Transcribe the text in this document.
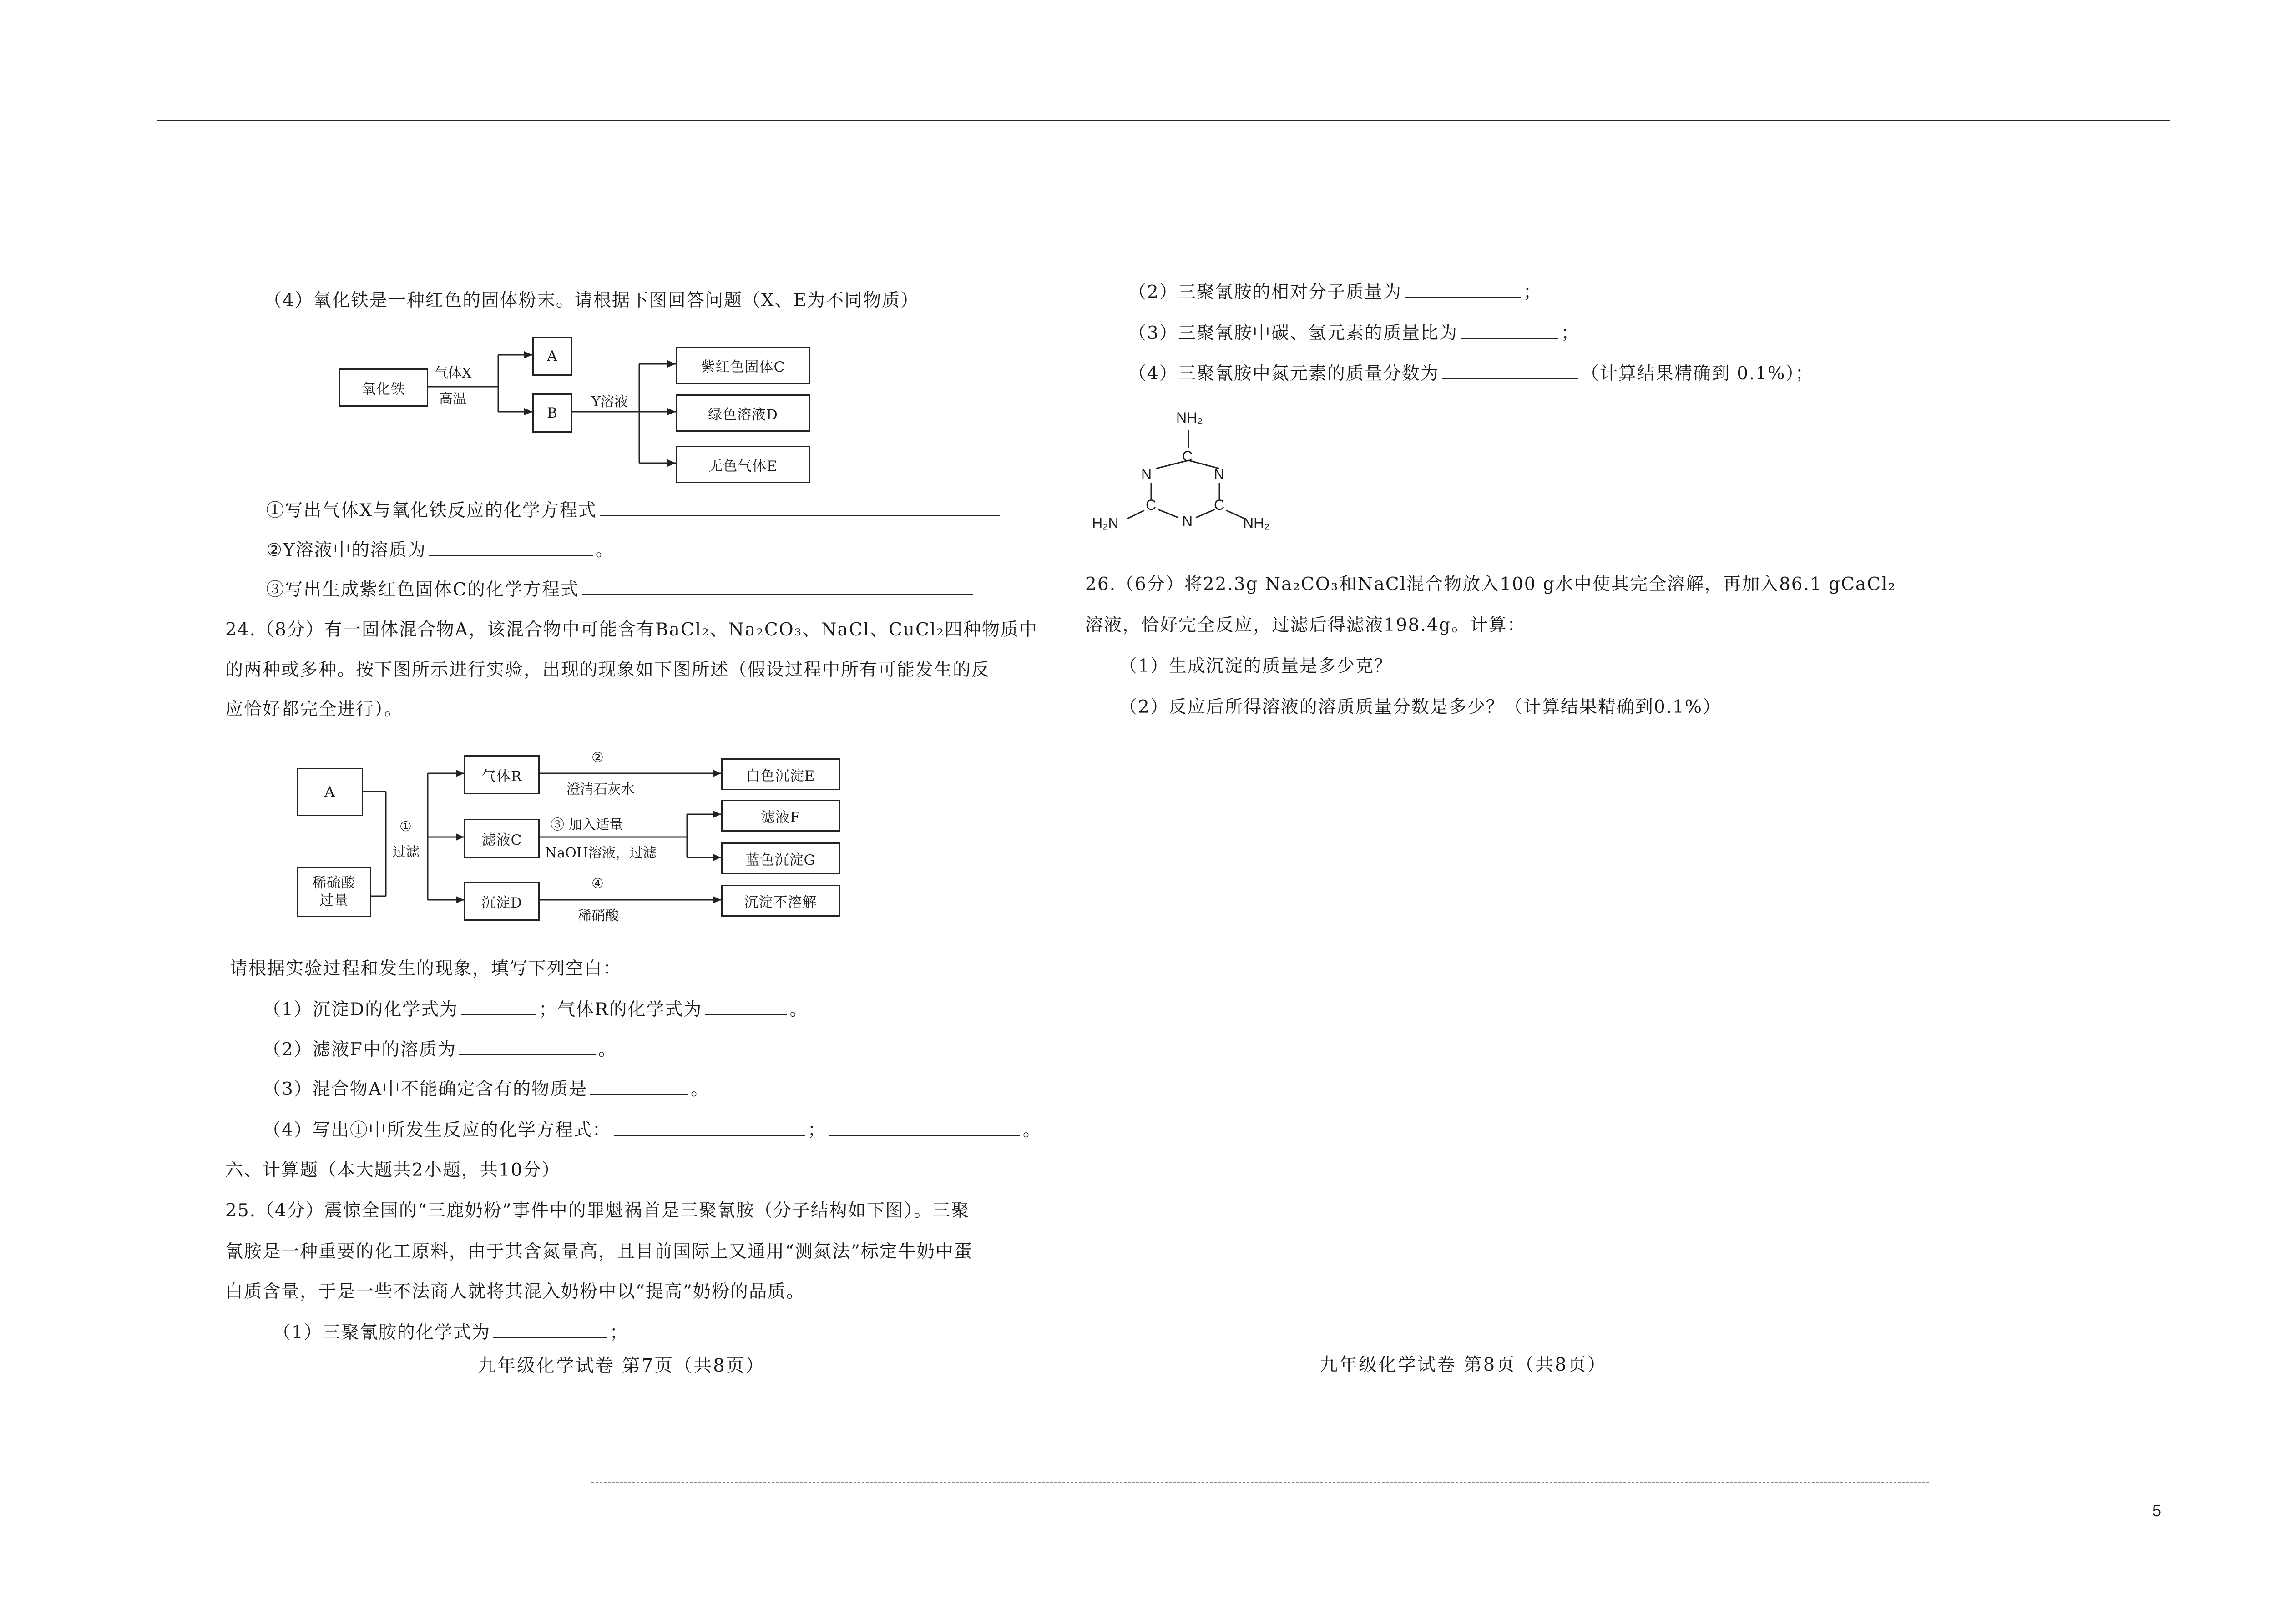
（4）氧化铁是一种红色的固体粉末。请根据下图回答问题（X、E为不同物质）
氧化铁
气体X
高温
A
B
Y溶液
紫红色固体C
绿色溶液D
无色气体E
①写出气体X与氧化铁反应的化学方程式
②Y溶液中的溶质为	。
③写出生成紫红色固体C的化学方程式
24.（8分）有一固体混合物A，该混合物中可能含有BaCl₂、Na₂CO₃、NaCl、CuCl₂四种物质中
的两种或多种。按下图所示进行实验，出现的现象如下图所述（假设过程中所有可能发生的反
应恰好都完全进行）。
A
稀硫酸
过量
①
过滤
气体R
滤液C
沉淀D
②
澄清石灰水
③ 加入适量
NaOH溶液，过滤
④
稀硝酸
白色沉淀E
滤液F
蓝色沉淀G
沉淀不溶解
请根据实验过程和发生的现象，填写下列空白：
（1）沉淀D的化学式为	；气体R的化学式为	。
（2）滤液F中的溶质为	。
（3）混合物A中不能确定含有的物质是	。
（4）写出①中所发生反应的化学方程式：	；	。
六、计算题（本大题共2小题，共10分）
25.（4分）震惊全国的“三鹿奶粉”事件中的罪魁祸首是三聚氰胺（分子结构如下图）。三聚
氰胺是一种重要的化工原料，由于其含氮量高，且目前国际上又通用“测氮法”标定牛奶中蛋
白质含量，于是一些不法商人就将其混入奶粉中以“提高”奶粉的品质。
（1）三聚氰胺的化学式为	；
九年级化学试卷 第7页（共8页）
（2）三聚氰胺的相对分子质量为	；
（3）三聚氰胺中碳、氢元素的质量比为	；
（4）三聚氰胺中氮元素的质量分数为	（计算结果精确到 0.1%）；
NH₂
C
N	N
C	C
N
H₂N	NH₂
26.（6分）将22.3g Na₂CO₃和NaCl混合物放入100 g水中使其完全溶解，再加入86.1 gCaCl₂
溶液，恰好完全反应，过滤后得滤液198.4g。计算：
（1）生成沉淀的质量是多少克？
（2）反应后所得溶液的溶质质量分数是多少？（计算结果精确到0.1%）
九年级化学试卷 第8页（共8页）
5
